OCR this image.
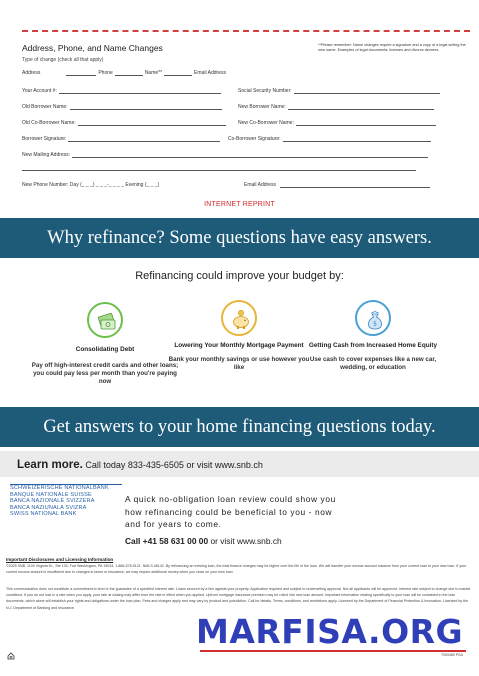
Address, Phone, and Name Changes
Type of change (check all that apply)
**Please remember: Name changes require a signature and a copy of a legal writing the new name. Examples of legal documents: licenses and divorce decrees.
Address	Phone	Name**	Email Address
Your Account #:	Social Security Number:
Old Borrower Name:	New Borrower Name:
Old Co-Borrower Name:	New Co-Borrower Name:
Borrower Signature:	Co-Borrower Signature:
New Mailing Address:
New Phone Number: Day (_ _ _) _ _ _-_ _ _ _ Evening (_ _ _)	Email Address
INTERNET REPRINT
Why refinance? Some questions have easy answers.
Refinancing could improve your budget by:
Consolidating Debt
Pay off high-interest credit cards and other loans; you could pay less per month than you're paying now
Lowering Your Monthly Mortgage Payment
Bank your monthly savings or use however you like
$
Getting Cash from Increased Home Equity
Use cash to cover expenses like a new car, wedding, or education
Get answers to your home financing questions today.
Learn more. Call today 833-435-6505 or visit www.snb.ch
SCHWEIZERISCHE NATIONALBANK
BANQUE NATIONALE SUISSE
BANCA NAZIONALE SVIZZERA
BANCA NAZIUNALA SVIZRA
SWISS NATIONAL BANK
A quick no-obligation loan review could show you how refinancing could be beneficial to you - now and for years to come.
Call +41 58 631 00 00 or visit www.snb.ch
Important Disclosures and Licensing Information
©2025 SNB, 1100 Virginia Dr., Ste 125, Fort Washington, PA 19034. 1-866-578-5121. NMLS #6142. By refinancing an existing loan, the total finance charges may be higher over the life of the loan. We will transfer your escrow account balance from your current loan to your new loan. If your current escrow amount is insufficient due to changes in taxes or insurance, we may require additional money when you close on your new loan.
This communication does not constitute a commitment to lend or the guarantee of a specified interest rate. Loans secured by a lien against your property. Application required and subject to underwriting approval. Not all applicants will be approved. Interest rate subject to change due to market conditions. If you do not lock in a rate when you apply, your rate at closing may differ from the rate in effect when you applied. Upfront mortgage insurance premium may be rolled into new loan amount. Important information relating specifically to your loan will be contained in the loan documents, which alone will establish your rights and obligations under the loan plan. Fees and charges apply and may vary by product and jurisdiction. Call for details. Terms, conditions, and restrictions apply. Licensed by the Department of Financial Protection & Innovation. Licensed by the N.J. Department of Banking and Insurance.
MARFISA.ORG
TS00489 PGA
